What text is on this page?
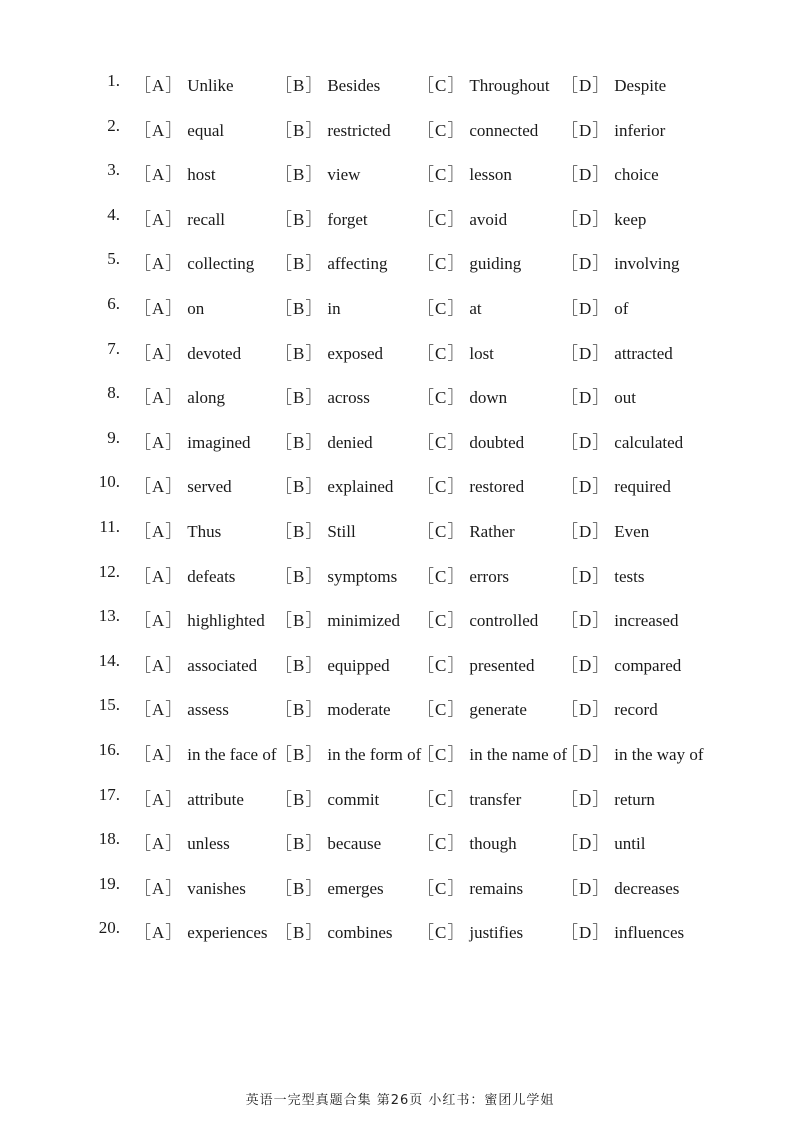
1. ［A］ Unlike ［B］ Besides ［C］ Throughout ［D］ Despite
2. ［A］ equal	［B］ restricted ［C］ connected ［D］ inferior
3. ［A］ host	［B］ view	［C］ lesson	［D］ choice
4. ［A］ recall	［B］ forget	［C］ avoid	［D］ keep
5. ［A］ collecting ［B］ affecting ［C］ guiding ［D］ involving
6. ［A］ on	［B］ in	［C］ at	［D］ of
7. ［A］ devoted ［B］ exposed ［C］ lost	［D］ attracted
8. ［A］ along	［B］ across	［C］ down	［D］ out
9. ［A］ imagined ［B］ denied	［C］ doubted ［D］ calculated
10. ［A］ served	［B］ explained ［C］ restored ［D］ required
11. ［A］ Thus	［B］ Still	［C］ Rather	［D］ Even
12. ［A］ defeats ［B］ symptoms ［C］ errors	［D］ tests
13. ［A］ highlighted ［B］ minimized ［C］ controlled ［D］ increased
14. ［A］ associated ［B］ equipped ［C］ presented ［D］ compared
15. ［A］ assess	［B］ moderate ［C］ generate ［D］ record
16. ［A］ in the face of
［B］ in the form of
［C］ in the name of
［D］ in the way of
17. ［A］ attribute ［B］ commit ［C］ transfer ［D］ return
18. ［A］ unless	［B］ because ［C］ though	［D］ until
19. ［A］ vanishes ［B］ emerges ［C］ remains ［D］ decreases
20. ［A］ experiences ［B］ combines ［C］ justifies ［D］ influences
英语一完型真题合集 第26页 小红书：蜜团儿学姐
